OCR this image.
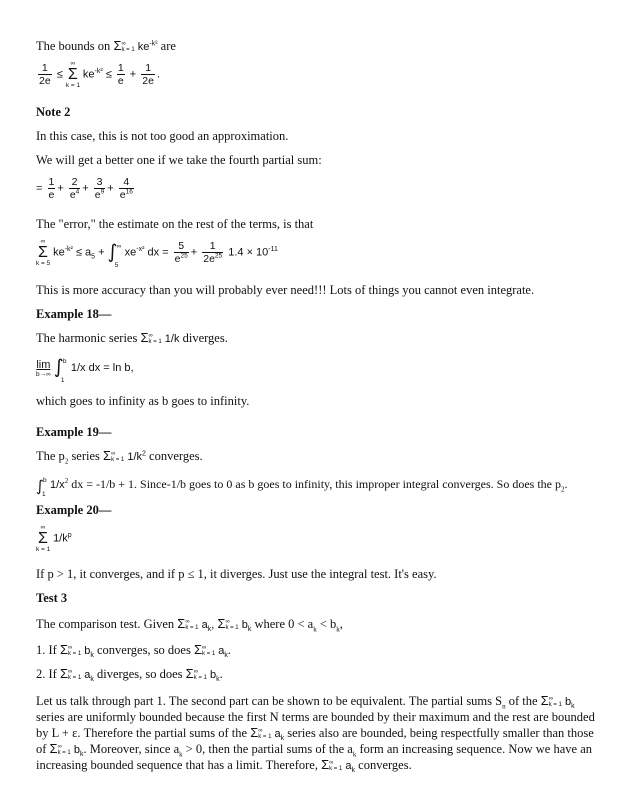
The bounds on Σ∞
k = 1 $ke^{-k^2}$ are
$\frac{1}{2e}$ ≤
∞
Σ
k = 1
$ke^{-k^2} \le \frac{1}{e} + \frac{1}{2e}$ .
Note 2
In this case, this is not too good an approximation.
We will get a better one if we take the fourth partial sum:
= $\frac{1}{e} + \frac{2}{e^4} + \frac{3}{e^9} + \frac{4}{e^{16}}$
The "error," the estimate on the rest of the terms, is that
∞
Σ
k = 5
$ke^{-k^2} \le a_5$ + ∫ ∞
5
$xe^{-x^2}$ dx = $\frac{5}{e^{25}} + \frac{1}{2e^{25}} 1.4 \times 10^{-11}$
This is more accuracy than you will probably ever need!!! Lots of things you cannot even integrate.
Example 18—
The harmonic series Σ∞
k = 1 1/k diverges.
lim
b→∞
∫ b
1
1/x dx = ln b,
which goes to infinity as b goes to infinity.
Example 19—
The $p_2$ series Σ∞
k = 1 $1/k^2$ converges.
∫ b
1
$1/x^2$ dx = -1/b + 1. Since-1/b goes to 0 as b goes to infinity, this improper integral converges. So does the $p_2$.
Example 20—
∞
Σ
k = 1
$1/k^p$
If p > 1, it converges, and if p ≤ 1, it diverges. Just use the integral test. It's easy.
Test 3
The comparison test. Given Σ∞
k = 1 $a_k$, Σ∞
k = 1 $b_k$ where $0 < a_k < b_k$,
1. If Σ∞
k = 1 $b_k$ converges, so does Σ∞
k = 1 $a_k$.
2. If Σ∞
k = 1 $a_k$ diverges, so does Σ∞
k = 1 $b_k$.
Let us talk through part 1. The second part can be shown to be equivalent. The partial sums $S_n$ of the Σ∞
k = 1 $b_k$
series are uniformly bounded because the first N terms are bounded by their maximum and the rest are bounded
by L + ε. Therefore the partial sums of the Σ∞
k = 1 $a_k$ series also are bounded, being respectfully smaller than those
of Σ∞
k = 1 $b_k$. Moreover, since $a_k > 0$, then the partial sums of the $a_k$ form an increasing sequence. Now we have an
increasing bounded sequence that has a limit. Therefore, Σ∞
k = 1 $a_k$ converges.
